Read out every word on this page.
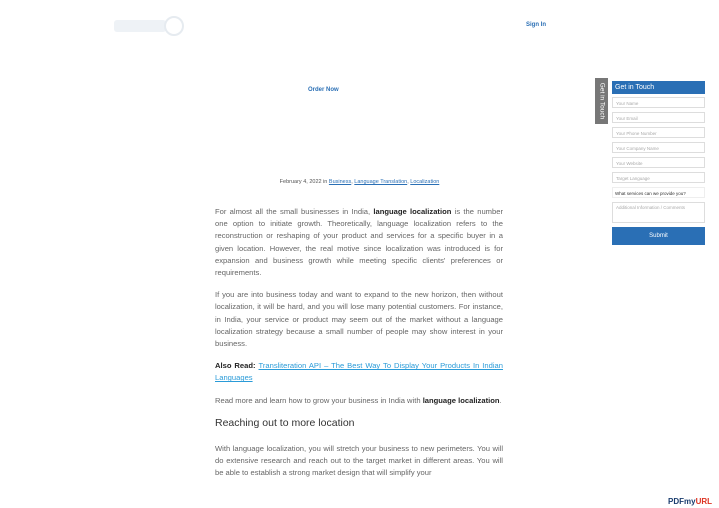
Sign In
Order Now
February 4, 2022 in Business, Language Translation, Localization

For almost all the small businesses in India, language localization is the number one option to initiate growth. Theoretically, language localization refers to the reconstruction or reshaping of your product and services for a specific buyer in a given location. However, the real motive since localization was introduced is for expansion and business growth while meeting specific clients' preferences or requirements.

If you are into business today and want to expand to the new horizon, then without localization, it will be hard, and you will lose many potential customers. For instance, in India, your service or product may seem out of the market without a language localization strategy because a small number of people may show interest in your business.

Also Read: Transliteration API – The Best Way To Display Your Products In Indian Languages

Read more and learn how to grow your business in India with language localization.

Reaching out to more location

With language localization, you will stretch your business to new perimeters. You will do extensive research and reach out to the target market in different areas. You will be able to establish a strong market design that will simplify your

Get in Touch	Get in Touch
Your Name
Your Email
Your Phone Number
Your Company Name
Your Website
Target Language
What services can we provide you?
Additional Information / Comments
Submit
PDFmyURL
